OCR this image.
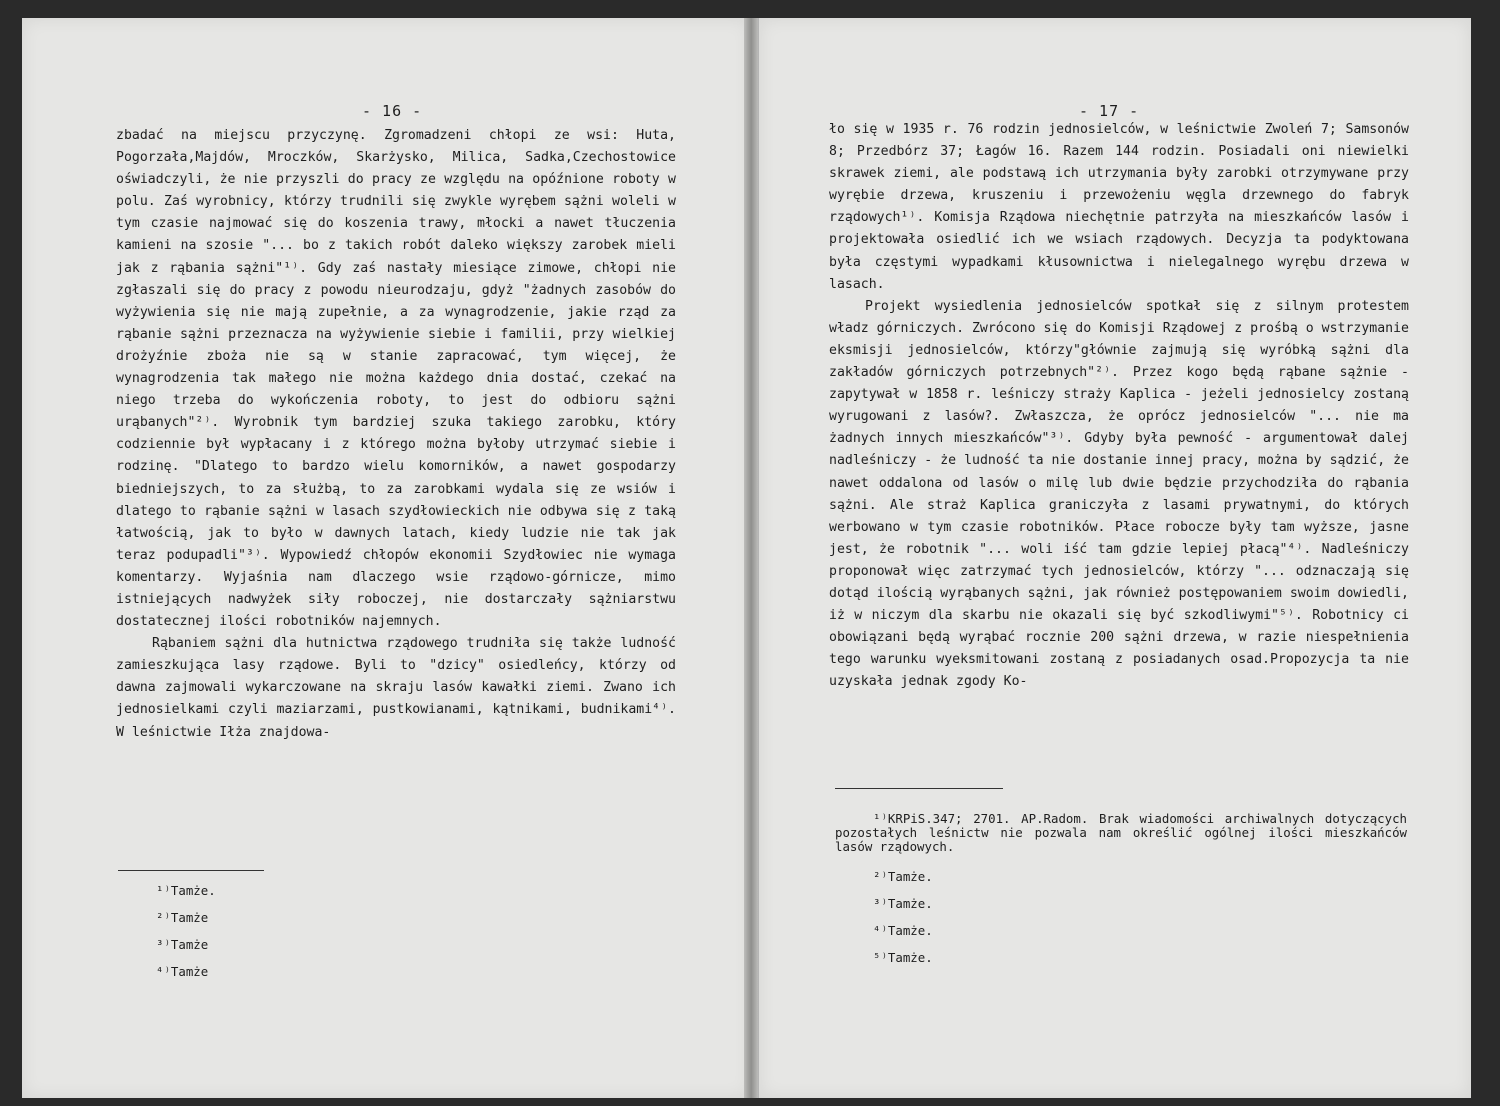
- 16 -

zbadać na miejscu przyczynę. Zgromadzeni chłopi ze wsi: Huta, Pogorzała,Majdów, Mroczków, Skarżysko, Milica, Sadka,Czechostowice oświadczyli, że nie przyszli do pracy ze względu na opóźnione roboty w polu. Zaś wyrobnicy, którzy trudnili się zwykle wyrębem sążni woleli w tym czasie najmować się do koszenia trawy, młocki a nawet tłuczenia kamieni na szosie "... bo z takich robót daleko większy zarobek mieli jak z rąbania sążni"¹⁾. Gdy zaś nastały miesiące zimowe, chłopi nie zgłaszali się do pracy z powodu nieurodzaju, gdyż "żadnych zasobów do wyżywienia się nie mają zupełnie, a za wynagrodzenie, jakie rząd za rąbanie sążni przeznacza na wyżywienie siebie i familii, przy wielkiej drożyźnie zboża nie są w stanie zapracować, tym więcej, że wynagrodzenia tak małego nie można każdego dnia dostać, czekać na niego trzeba do wykończenia roboty, to jest do odbioru sążni urąbanych"²⁾. Wyrobnik tym bardziej szuka takiego zarobku, który codziennie był wypłacany i z którego można byłoby utrzymać siebie i rodzinę. "Dlatego to bardzo wielu komorników, a nawet gospodarzy biedniejszych, to za służbą, to za zarobkami wydala się ze wsiów i dlatego to rąbanie sążni w lasach szydłowieckich nie odbywa się z taką łatwością, jak to było w dawnych latach, kiedy ludzie nie tak jak teraz podupadli"³⁾. Wypowiedź chłopów ekonomii Szydłowiec nie wymaga komentarzy. Wyjaśnia nam dlaczego wsie rządowo-górnicze, mimo istniejących nadwyżek siły roboczej, nie dostarczały sążniarstwu dostatecznej ilości robotników najemnych.

Rąbaniem sążni dla hutnictwa rządowego trudniła się także ludność zamieszkująca lasy rządowe. Byli to "dzicy" osiedleńcy, którzy od dawna zajmowali wykarczowane na skraju lasów kawałki ziemi. Zwano ich jednosielkami czyli maziarzami, pustkowianami, kątnikami, budnikami⁴⁾. W leśnictwie Iłża znajdowa-

¹⁾Tamże.
²⁾Tamże
³⁾Tamże
⁴⁾Tamże
- 17 -

ło się w 1935 r. 76 rodzin jednosielców, w leśnictwie Zwoleń 7; Samsonów 8; Przedbórz 37; Łagów 16. Razem 144 rodzin. Posiadali oni niewielki skrawek ziemi, ale podstawą ich utrzymania były zarobki otrzymywane przy wyrębie drzewa, kruszeniu i przewożeniu węgla drzewnego do fabryk rządowych¹⁾. Komisja Rządowa niechętnie patrzyła na mieszkańców lasów i projektowała osiedlić ich we wsiach rządowych. Decyzja ta podyktowana była częstymi wypadkami kłusownictwa i nielegalnego wyrębu drzewa w lasach.

Projekt wysiedlenia jednosielców spotkał się z silnym protestem władz górniczych. Zwrócono się do Komisji Rządowej z prośbą o wstrzymanie eksmisji jednosielców, którzy"głównie zajmują się wyróbką sążni dla zakładów górniczych potrzebnych"²⁾. Przez kogo będą rąbane sążnie - zapytywał w 1858 r. leśniczy straży Kaplica - jeżeli jednosielcy zostaną wyrugowani z lasów?. Zwłaszcza, że oprócz jednosielców "... nie ma żadnych innych mieszkańców"³⁾. Gdyby była pewność - argumentował dalej nadleśniczy - że ludność ta nie dostanie innej pracy, można by sądzić, że nawet oddalona od lasów o milę lub dwie będzie przychodziła do rąbania sążni. Ale straż Kaplica graniczyła z lasami prywatnymi, do których werbowano w tym czasie robotników. Płace robocze były tam wyższe, jasne jest, że robotnik "... woli iść tam gdzie lepiej płacą"⁴⁾. Nadleśniczy proponował więc zatrzymać tych jednosielców, którzy "... odznaczają się dotąd ilością wyrąbanych sążni, jak również postępowaniem swoim dowiedli, iż w niczym dla skarbu nie okazali się być szkodliwymi"⁵⁾. Robotnicy ci obowiązani będą wyrąbać rocznie 200 sążni drzewa, w razie niespełnienia tego warunku wyeksmitowani zostaną z posiadanych osad.Propozycja ta nie uzyskała jednak zgody Ko-

¹⁾KRPiS.347; 2701. AP.Radom. Brak wiadomości archiwalnych dotyczących pozostałych leśnictw nie pozwala nam określić ogólnej ilości mieszkańców lasów rządowych.
²⁾Tamże.
³⁾Tamże.
⁴⁾Tamże.
⁵⁾Tamże.
